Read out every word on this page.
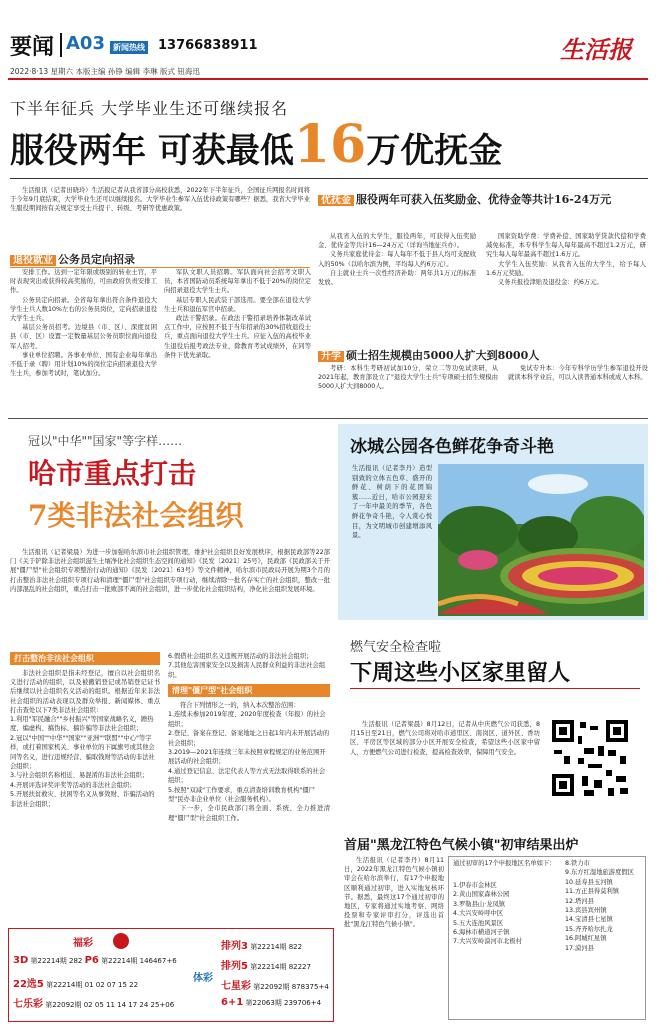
要闻 A03	新闻热线 13766838911	生活报
2022·8·13 星期六 本版主编 孙铮 编辑 李琳 版式 钮海迅
下半年征兵 大学毕业生还可继续报名
服役两年 可获最低16万优抚金

生活报讯（记者田晓玲）生活报记者从我省部分高校获悉，2022年下半年征兵，全国征兵网报名时间将于今年9月底结束，大学毕业生还可以继续报名。大学毕业生参军入伍优待政策有哪些？据悉，我省大学毕业生服役期间按有关规定享受士兵提干、转级、考研等优惠政策。

退役就业 公务员定向招录

安排工作。达到一定年限或级别的转业士官，平时表现突出或获得较高奖励的，可由政府负责安排工作。

公务员定向招录。全省每年拿出符合条件退役大学生士兵人数10%左右的公务员岗位，定向招录退役大学生士兵。

基层公务员招考。边境县（市、区）、深度贫困县（市、区）设置一定数量基层公务员职位面向退役军人招考。

事业单位招聘。各事业单位、国有企业每年拿出不低于录（聘）用计划10%的岗位定向招录退役大学生士兵，参加考试时，笔试加分。

军队文职人员招聘。军队面向社会招考文职人员，本省国防动员系统每年拿出不低于20%的岗位定向招录退役大学生士兵。

基层专职人民武装干部选用。要全部在退役大学生士兵和退伍军官中招录。

政法干警招录。在政法干警招录培养体制改革试点工作中，应按照不低于当年招录的30%招收退役士兵，重点面向退役大学生士兵。应征入伍的高校毕业生退役后报考政法专业，除教育考试成绩外，在同等条件下优先录取。

优抚金 服役两年可获入伍奖励金、优待金等共计16-24万元

从我省入伍的大学生，服役两年，可获得入伍奖励金、优待金等共计16—24万元（详询当地征兵办）。

义务兵家庭优待金：每人每年不低于县人均可支配收入的50%（以哈尔滨为例，平均每人约6万元）。

自主就业士兵一次性经济补助：两年共1万元的标准发放。

国家资助学费：学费补偿、国家助学贷款代偿和学费减免标准，本专科学生每人每年最高不超过1.2万元，研究生每人每年最高不超过1.6万元。

大学生入伍奖励：从我省入伍的大学生，给予每人1.6万元奖励。

义务兵报役津贴及退役金：约6万元。

升学 硕士招生规模由5000人扩大到8000人

考研：本科生考研初试加10分，荣立二等功免试读研，从2021年起，教育部设立了"退役大学生士兵"专项硕士招生规模由5000人扩大到8000人。

免试专升本：今年专科学历学生参军退役开设就读本科学业后，可以入读普通本科或成人本科。

冠以"中华""国家"等字样……
哈市重点打击
7类非法社会组织

生活报讯（记者梁晨）为进一步加强哈尔滨市社会组织管理，维护社会组织良好发展秩序，根据民政部等22部门《关于铲除非法社会组织滋生土壤净化社会组织生态空间的通知》《民发〔2021〕25号》，民政部《民政部关于开展"僵尸型"社会组织专项整治行动的通知》《民发〔2021〕63号》等文件精神，哈尔滨市民政局开展为期3个月的打击整治非法社会组织专项行动和清理"僵尸型"社会组织专项行动，继续清除一批名存实亡的社会组织，整改一批内部混乱的社会组织，重点打击一批败部不离的社会组织，进一步优化社会组织结构，净化社会组织发展环境。

打击整治非法社会组织

非法社会组织是指未经登记，擅自以社会组织名义进行活动的组织，以及被撤销登记或吊销登记证书后继续以社会组织名义活动的组织。根据近年来非法社会组织的活动表现以及群众举报、新闻媒体、重点打击查处以下7类非法社会组织：

1.利用"军民融合""乡村振兴"等国家战略名义，蹭热度、编虚构、搞伪标、搞诈骗等非法社会组织；

2.冠以"中国""中华""国家""亚洲""联盟""中心"等字样，或打着国家机关、事业单位的下属旗号或其他会同等名义，进行违规经营、骗取钱财等活动的非法社会组织；

3.与社会组织名称相近、易混淆的非法社会组织；

4.开展评选评奖评奖等活动的非法社会组织；

5.开展扶贫救灾、扶困等名义从事敛财、诈骗活动的非法社会组织；

6.假借社会组织名义违规开展活动的非法社会组织；

7.其他危害国家安全以及损害人民群众利益的非法社会组织。

清理"僵尸型"社会组织

符合下列情形之一的，纳入本次整治范围：

1.连续未参加2019年度、2020年度检查（年报）的社会组织；

2.登记、备案在登记、备案地址之日起1年内未开展活动的社会组织；

3.2019—2021年连续三年未按照章程规定的业务范围开展活动的社会组织；

4.通过登记信息、法定代表人等方式无法取得联系的社会组织；

5.按照"双减"工作要求，重点清查培训教育机构"僵尸型"民办非企业单位（社会服务机构）。

下一步，全市民政部门将全面、系统、全力推进清理"僵尸型"社会组织工作。

冰城公园各色鲜花争奇斗艳

生活报讯（记者李丹）造型别致的立体五色草、盛开的鲜花、树荫下的花团锦簇……近日，哈市公园迎来了一年中最美的季节，各色鲜花争奇斗艳，令人赏心悦目，为文明城市创建增添风景。

燃气安全检查啦
下周这些小区家里留人

生活报讯（记者梁晨）8月12日，记者从中庆燃气公司获悉，8月15日至21日，燃气公司将对哈市道里区、南岗区、道外区、香坊区、平房区等区域的部分小区开展安全检查，希望这些小区家中留人，方便燃气公司进行检查，提高检查效率，保障用气安全。

首届"黑龙江特色气候小镇"初审结果出炉

生活报讯（记者李丹）8月11日，2022年黑龙江特色气候小镇初审会在哈尔滨举行，有17个申报地区顺利通过初审，进入实地复核环节。据悉，最终这17个通过初审的地区，专家将通过实地考察、网络投票和专家评审打分，评选出首批"黑龙江特色气候小镇"。

通过初审的17个申报地区名单如下：

1.伊春市金林区

2.黄山国家森林公园

3.罗勒县山·龙凤镇

4.大兴安岭呼中区

5.五大连池风景区

6.海林市横道河子镇

7.大兴安岭漠河市北极村

8.铁力市

9.东方红湿地旅游度假区

10.延寿县玉河镇

11.方正县得莫利镇

12.塔河县

13.宾县宾州镇

14.宝清县七星镇

15.齐齐哈尔扎龙

16.阿城红星镇

17.漠河县

福彩
3D 第22214期 282 P6 第22214期 146467+6
22选5 第22214期 01 02 07 15 22
七乐彩 第22092期 02 05 11 14 17 24 25+06
体彩
排列3 第22214期 822
排列5 第22214期 82227
七星彩 第22092期 878375+4
6+1 第22063期 239706+4
